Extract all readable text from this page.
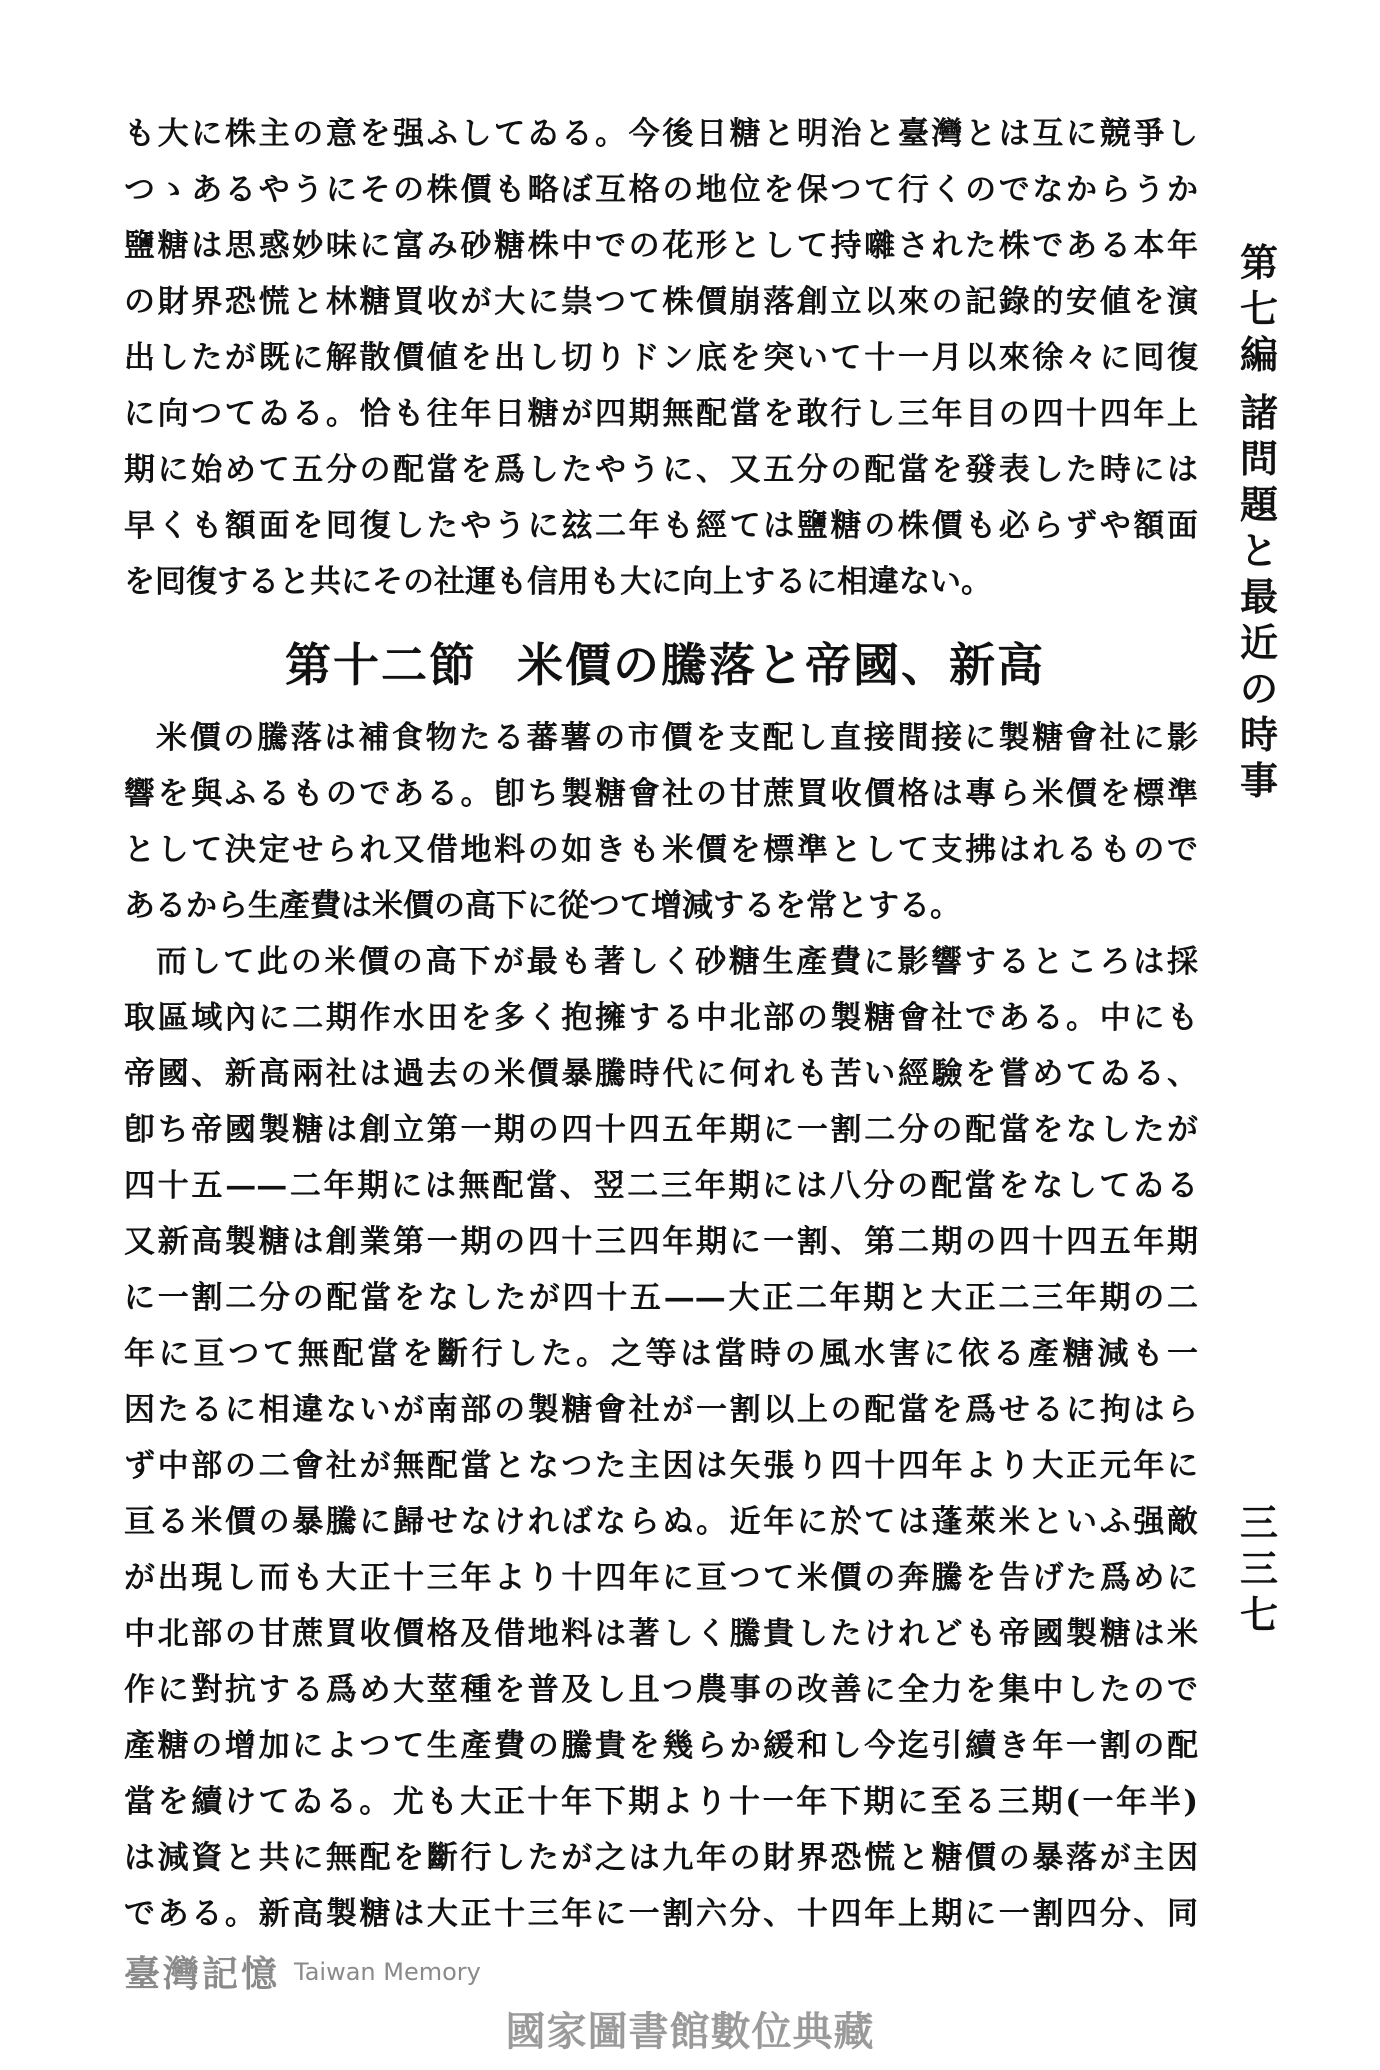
も大に株主の意を强ふしてゐる。今後日糖と明治と臺灣とは互に競爭し
つゝあるやうにその株價も略ぼ互格の地位を保つて行くのでなからうか
鹽糖は思惑妙味に富み砂糖株中での花形として持囃された株である本年
の財界恐慌と林糖買收が大に祟つて株價崩落創立以來の記錄的安値を演
出したが既に解散價値を出し切りドン底を突いて十一月以來徐々に囘復
に向つてゐる。恰も往年日糖が四期無配當を敢行し三年目の四十四年上
期に始めて五分の配當を爲したやうに、又五分の配當を發表した時には
早くも額面を囘復したやうに玆二年も經ては鹽糖の株價も必らずや額面
を囘復すると共にその社運も信用も大に向上するに相違ない。
米價の騰落は補食物たる蕃薯の市價を支配し直接間接に製糖會社に影
響を與ふるものである。卽ち製糖會社の甘蔗買收價格は專ら米價を標準
として決定せられ又借地料の如きも米價を標準として支拂はれるもので
あるから生產費は米價の高下に從つて增減するを常とする。
而して此の米價の高下が最も著しく砂糖生產費に影響するところは採
取區域內に二期作水田を多く抱擁する中北部の製糖會社である。中にも
帝國、新高兩社は過去の米價暴騰時代に何れも苦い經驗を嘗めてゐる、
卽ち帝國製糖は創立第一期の四十四五年期に一割二分の配當をなしたが
四十五——二年期には無配當、翌二三年期には八分の配當をなしてゐる
又新高製糖は創業第一期の四十三四年期に一割、第二期の四十四五年期
に一割二分の配當をなしたが四十五——大正二年期と大正二三年期の二
年に亘つて無配當を斷行した。之等は當時の風水害に依る產糖減も一
因たるに相違ないが南部の製糖會社が一割以上の配當を爲せるに拘はら
ず中部の二會社が無配當となつた主因は矢張り四十四年より大正元年に
亘る米價の暴騰に歸せなければならぬ。近年に於ては蓬萊米といふ强敵
が出現し而も大正十三年より十四年に亘つて米價の奔騰を告げた爲めに
中北部の甘蔗買收價格及借地料は著しく騰貴したけれども帝國製糖は米
作に對抗する爲め大莖種を普及し且つ農事の改善に全力を集中したので
產糖の增加によつて生產費の騰貴を幾らか緩和し今迄引續き年一割の配
當を續けてゐる。尤も大正十年下期より十一年下期に至る三期(一年半)
は減資と共に無配を斷行したが之は九年の財界恐慌と糖價の暴落が主因
である。新高製糖は大正十三年に一割六分、十四年上期に一割四分、同
第十二節 米價の騰落と帝國、新高
第七編
諸問題と最近の時事
三三七
臺灣記憶 Taiwan Memory
國家圖書館數位典藏
